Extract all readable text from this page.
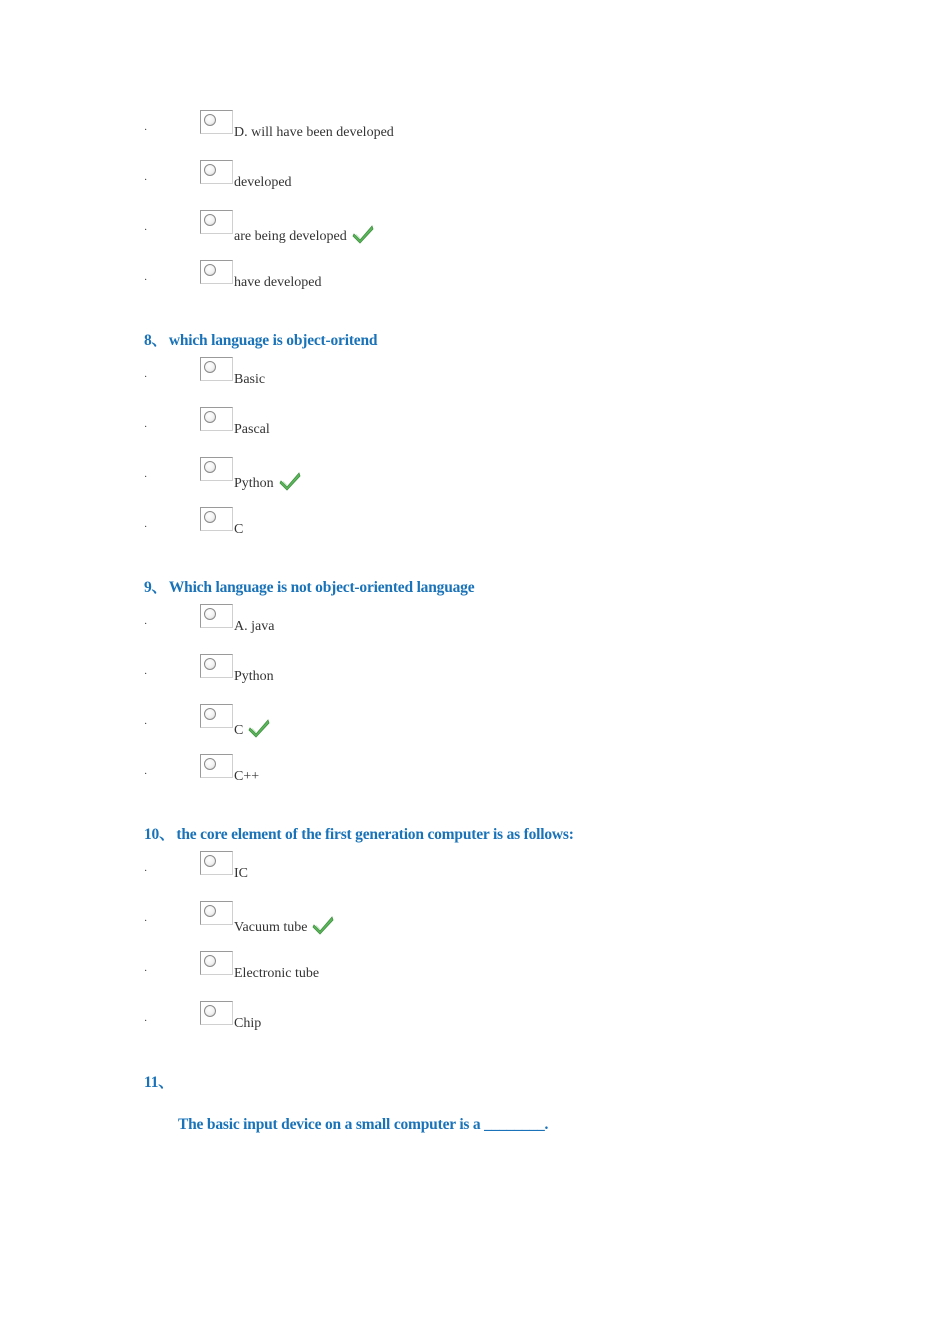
·	D. will have been developed
·	developed
·	are being developed
·	have developed
8、 which language is object-oritend
·	Basic
·	Pascal
·	Python
·	C
9、 Which language is not object-oriented language
·	A. java
·	Python
·	C
·	C++
10、 the core element of the first generation computer is as follows:
·	IC
·	Vacuum tube
·	Electronic tube
·	Chip
11、
The basic input device on a small computer is a ________.
